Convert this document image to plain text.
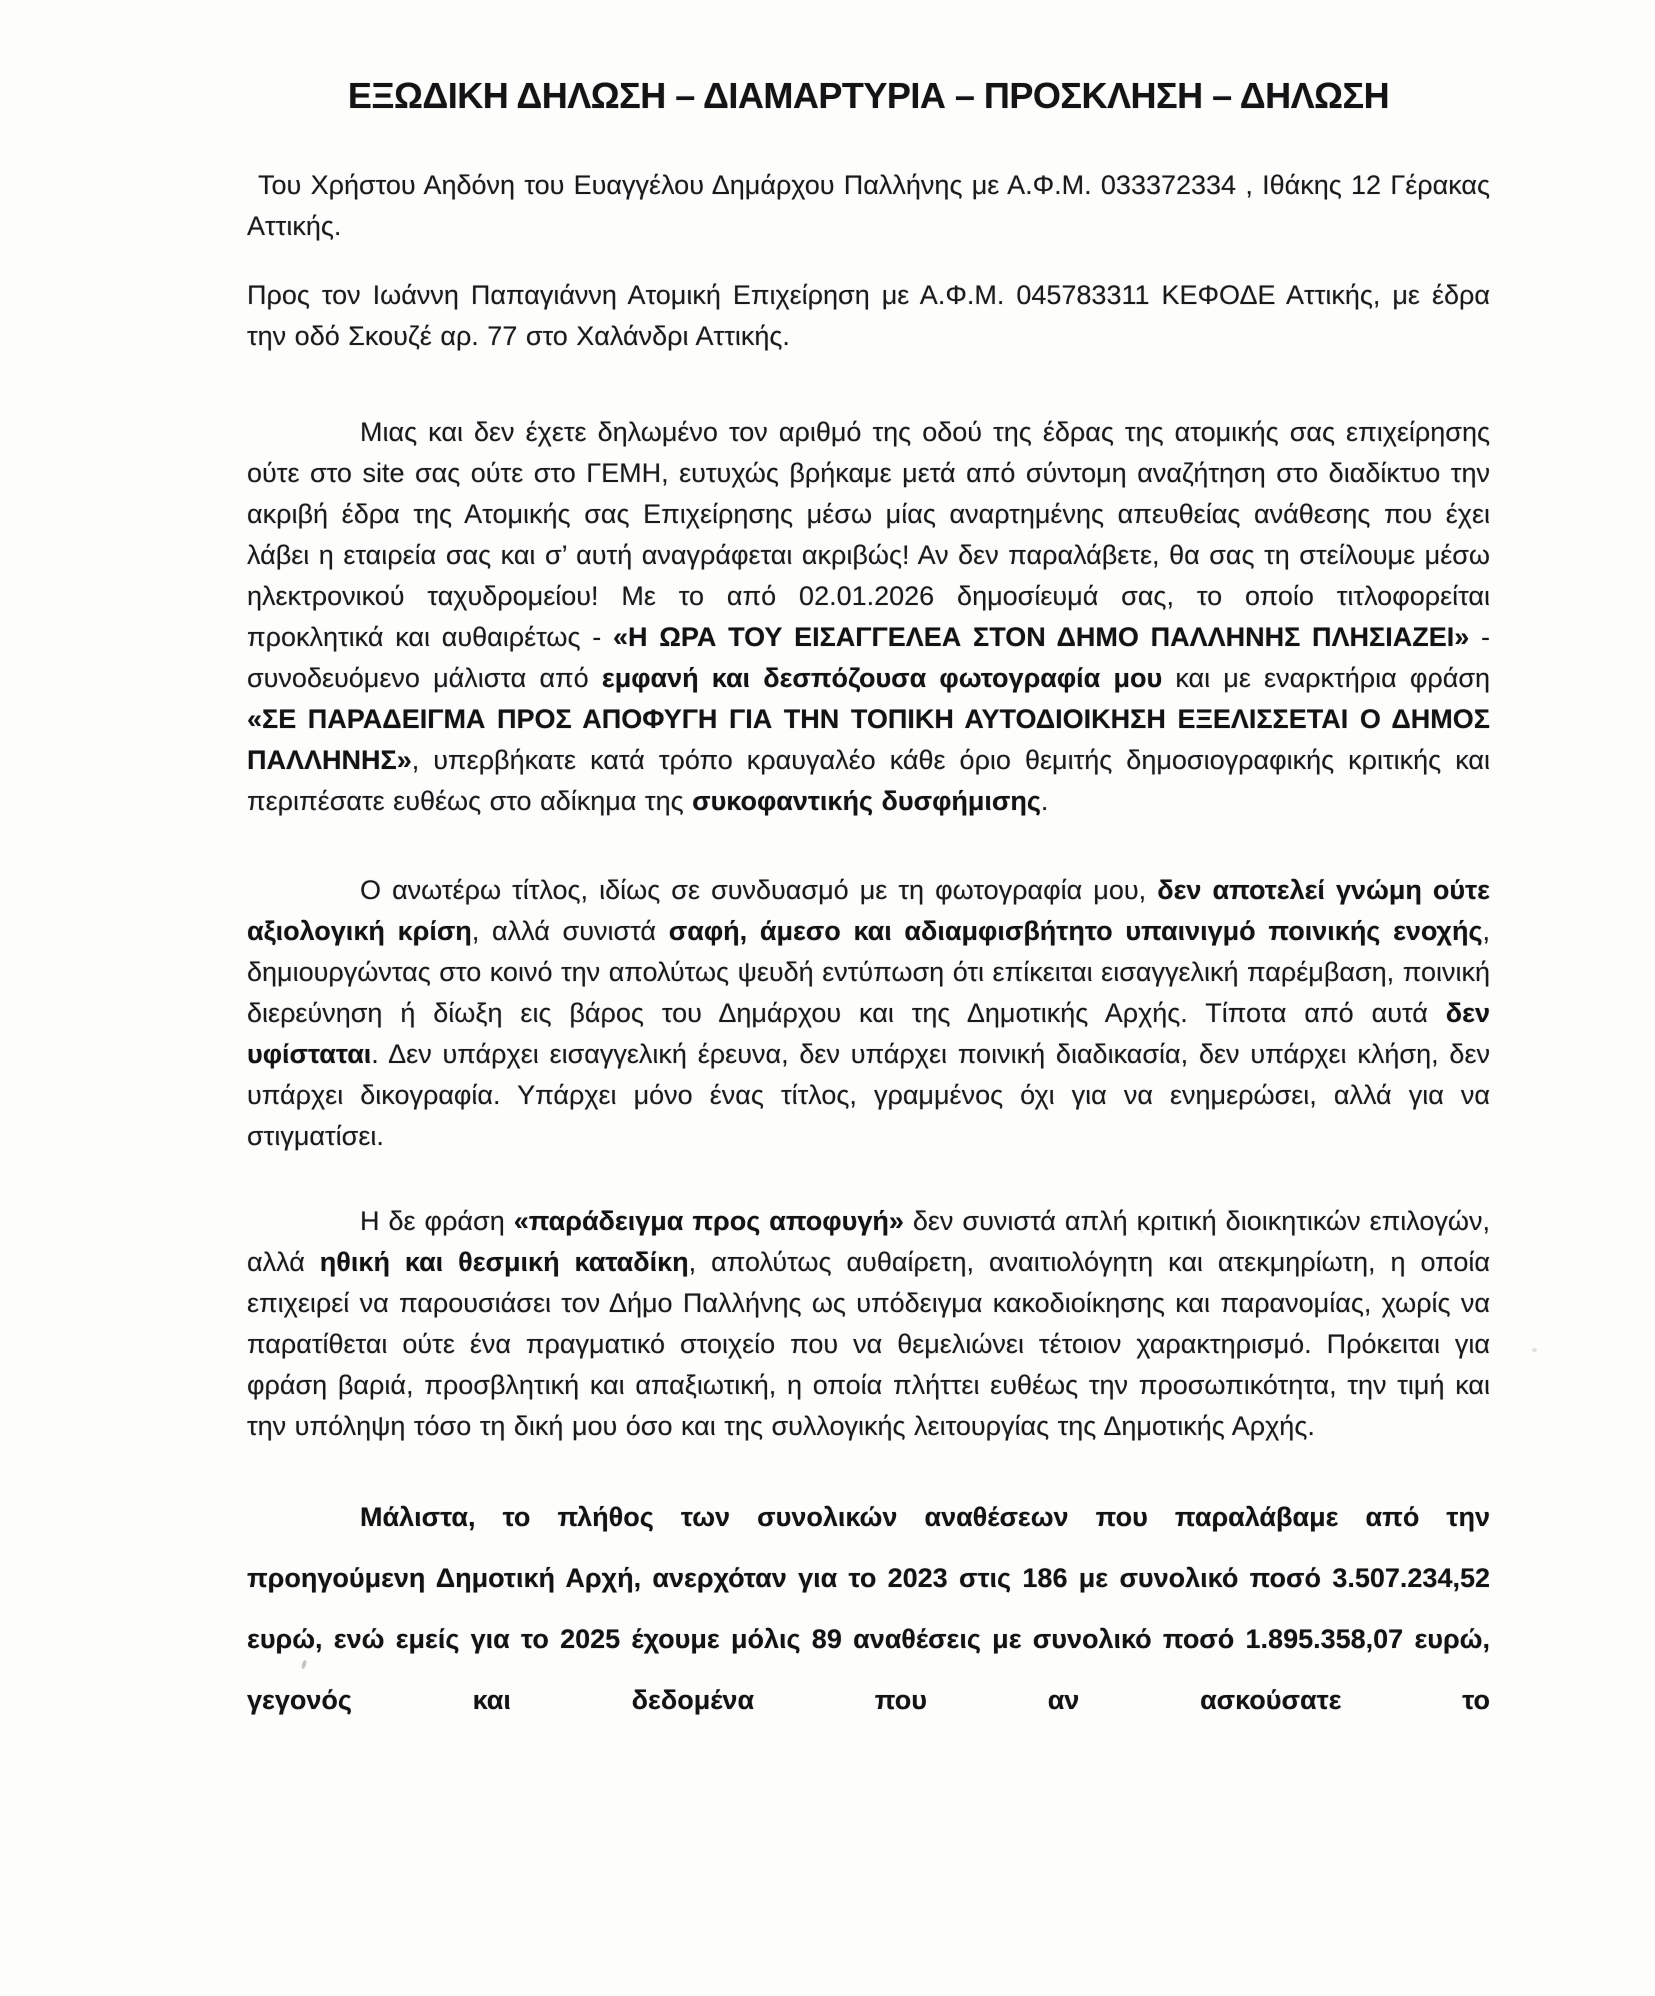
ΕΞΩΔΙΚΗ ΔΗΛΩΣΗ – ΔΙΑΜΑΡΤΥΡΙΑ – ΠΡΟΣΚΛΗΣΗ – ΔΗΛΩΣΗ

Του Χρήστου Αηδόνη του Ευαγγέλου Δημάρχου Παλλήνης με Α.Φ.Μ. 033372334 , Ιθάκης 12 Γέρακας Αττικής.

Προς τον Ιωάννη Παπαγιάννη Ατομική Επιχείρηση με Α.Φ.Μ. 045783311 ΚΕΦΟΔΕ Αττικής, με έδρα την οδό Σκουζέ αρ. 77 στο Χαλάνδρι Αττικής.

Μιας και δεν έχετε δηλωμένο τον αριθμό της οδού της έδρας της ατομικής σας επιχείρησης ούτε στο site σας ούτε στο ΓΕΜΗ, ευτυχώς βρήκαμε μετά από σύντομη αναζήτηση στο διαδίκτυο την ακριβή έδρα της Ατομικής σας Επιχείρησης μέσω μίας αναρτημένης απευθείας ανάθεσης που έχει λάβει η εταιρεία σας και σ’ αυτή αναγράφεται ακριβώς! Αν δεν παραλάβετε, θα σας τη στείλουμε μέσω ηλεκτρονικού ταχυδρομείου! Με το από 02.01.2026 δημοσίευμά σας, το οποίο τιτλοφορείται προκλητικά και αυθαιρέτως - «Η ΩΡΑ ΤΟΥ ΕΙΣΑΓΓΕΛΕΑ ΣΤΟΝ ΔΗΜΟ ΠΑΛΛΗΝΗΣ ΠΛΗΣΙΑΖΕΙ» - συνοδευόμενο μάλιστα από εμφανή και δεσπόζουσα φωτογραφία μου και με εναρκτήρια φράση «ΣΕ ΠΑΡΑΔΕΙΓΜΑ ΠΡΟΣ ΑΠΟΦΥΓΗ ΓΙΑ ΤΗΝ ΤΟΠΙΚΗ ΑΥΤΟΔΙΟΙΚΗΣΗ ΕΞΕΛΙΣΣΕΤΑΙ Ο ΔΗΜΟΣ ΠΑΛΛΗΝΗΣ», υπερβήκατε κατά τρόπο κραυγαλέο κάθε όριο θεμιτής δημοσιογραφικής κριτικής και περιπέσατε ευθέως στο αδίκημα της συκοφαντικής δυσφήμισης.

Ο ανωτέρω τίτλος, ιδίως σε συνδυασμό με τη φωτογραφία μου, δεν αποτελεί γνώμη ούτε αξιολογική κρίση, αλλά συνιστά σαφή, άμεσο και αδιαμφισβήτητο υπαινιγμό ποινικής ενοχής, δημιουργώντας στο κοινό την απολύτως ψευδή εντύπωση ότι επίκειται εισαγγελική παρέμβαση, ποινική διερεύνηση ή δίωξη εις βάρος του Δημάρχου και της Δημοτικής Αρχής. Τίποτα από αυτά δεν υφίσταται. Δεν υπάρχει εισαγγελική έρευνα, δεν υπάρχει ποινική διαδικασία, δεν υπάρχει κλήση, δεν υπάρχει δικογραφία. Υπάρχει μόνο ένας τίτλος, γραμμένος όχι για να ενημερώσει, αλλά για να στιγματίσει.

Η δε φράση «παράδειγμα προς αποφυγή» δεν συνιστά απλή κριτική διοικητικών επιλογών, αλλά ηθική και θεσμική καταδίκη, απολύτως αυθαίρετη, αναιτιολόγητη και ατεκμηρίωτη, η οποία επιχειρεί να παρουσιάσει τον Δήμο Παλλήνης ως υπόδειγμα κακοδιοίκησης και παρανομίας, χωρίς να παρατίθεται ούτε ένα πραγματικό στοιχείο που να θεμελιώνει τέτοιον χαρακτηρισμό. Πρόκειται για φράση βαριά, προσβλητική και απαξιωτική, η οποία πλήττει ευθέως την προσωπικότητα, την τιμή και την υπόληψη τόσο τη δική μου όσο και της συλλογικής λειτουργίας της Δημοτικής Αρχής.

Μάλιστα, το πλήθος των συνολικών αναθέσεων που παραλάβαμε από την προηγούμενη Δημοτική Αρχή, ανερχόταν για το 2023 στις 186 με συνολικό ποσό 3.507.234,52 ευρώ, ενώ εμείς για το 2025 έχουμε μόλις 89 αναθέσεις με συνολικό ποσό 1.895.358,07 ευρώ, γεγονός και δεδομένα που αν ασκούσατε το
